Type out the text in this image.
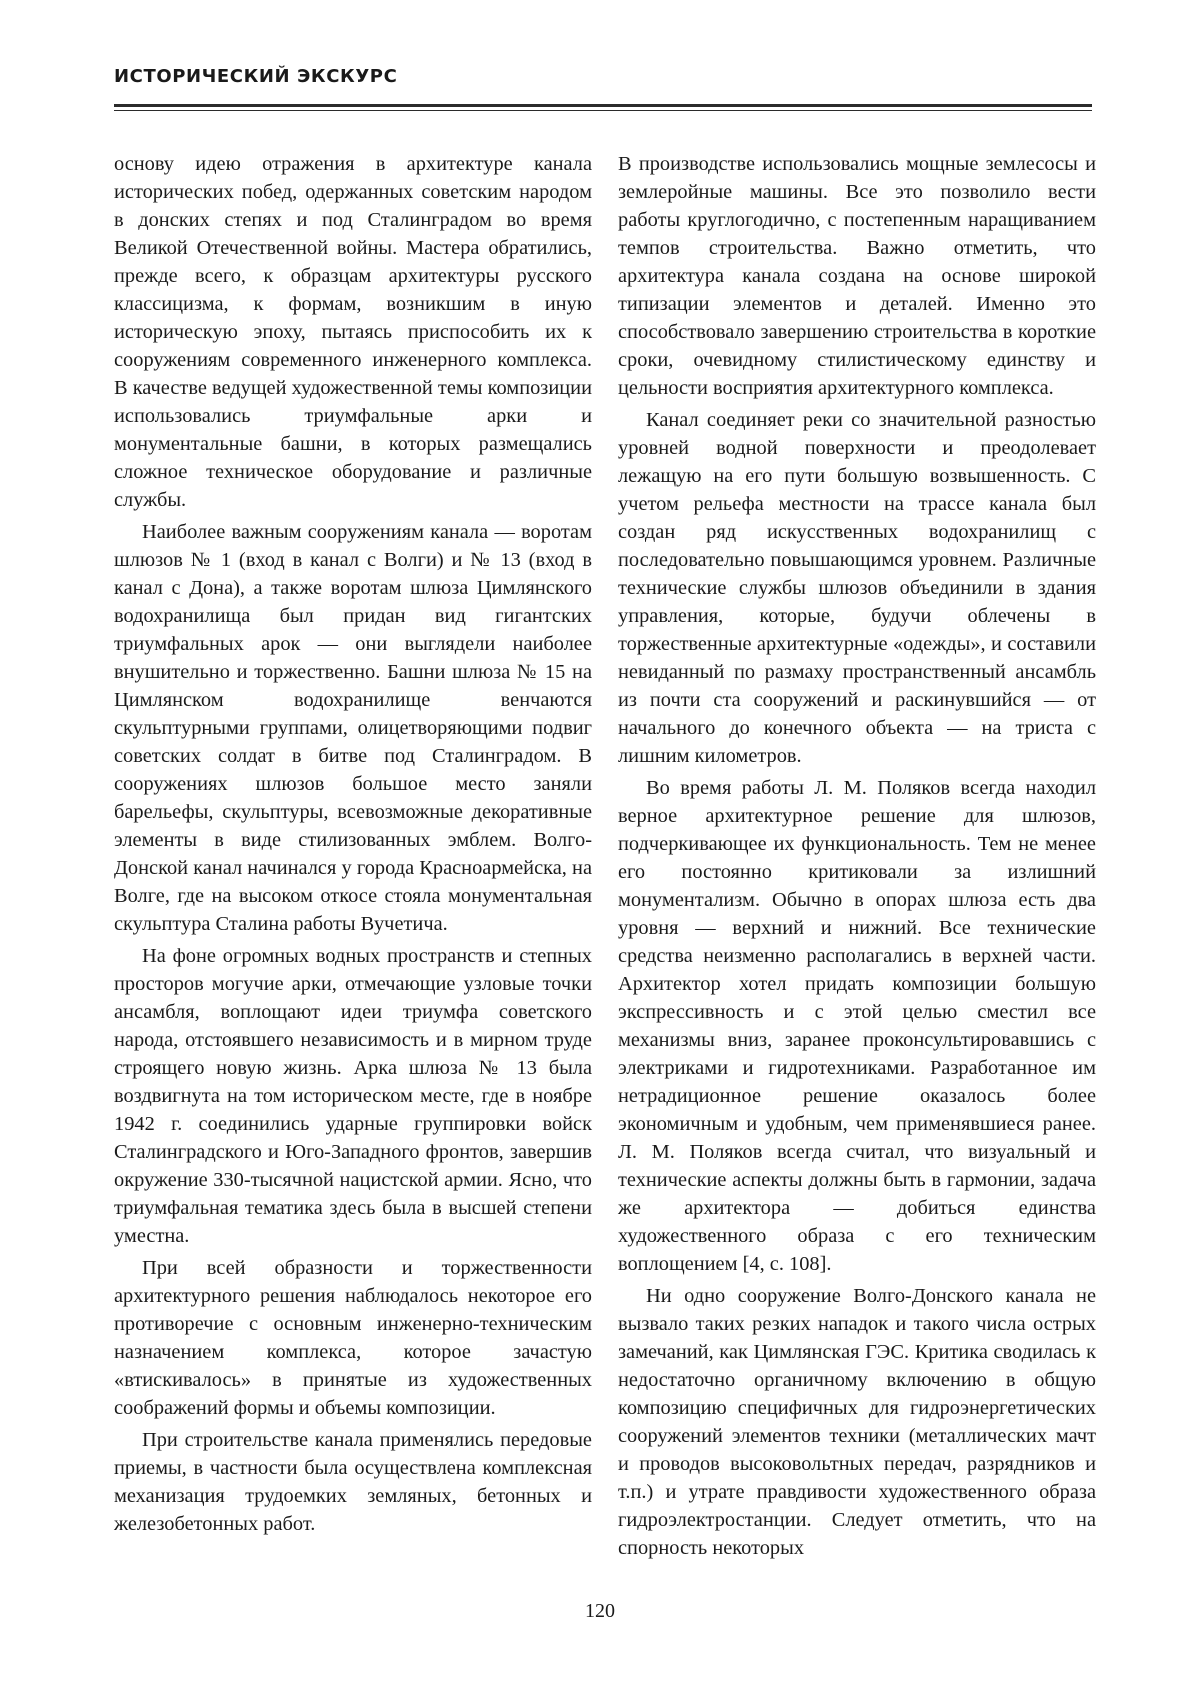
ИСТОРИЧЕСКИЙ ЭКСКУРС

основу идею отражения в архитектуре канала исторических побед, одержанных советским народом в донских степях и под Сталинградом во время Великой Отечественной войны. Мастера обратились, прежде всего, к образцам архитектуры русского классицизма, к формам, возникшим в иную историческую эпоху, пытаясь приспособить их к сооружениям современного инженерного комплекса. В качестве ведущей художественной темы композиции использовались триумфальные арки и монументальные башни, в которых размещались сложное техническое оборудование и различные службы.

Наиболее важным сооружениям канала — воротам шлюзов № 1 (вход в канал с Волги) и № 13 (вход в канал с Дона), а также воротам шлюза Цимлянского водохранилища был придан вид гигантских триумфальных арок — они выглядели наиболее внушительно и торжественно. Башни шлюза № 15 на Цимлянском водохранилище венчаются скульптурными группами, олицетворяющими подвиг советских солдат в битве под Сталинградом. В сооружениях шлюзов большое место заняли барельефы, скульптуры, всевозможные декоративные элементы в виде стилизованных эмблем. Волго-Донской канал начинался у города Красноармейска, на Волге, где на высоком откосе стояла монументальная скульптура Сталина работы Вучетича.

На фоне огромных водных пространств и степных просторов могучие арки, отмечающие узловые точки ансамбля, воплощают идеи триумфа советского народа, отстоявшего независимость и в мирном труде строящего новую жизнь. Арка шлюза № 13 была воздвигнута на том историческом месте, где в ноябре 1942 г. соединились ударные группировки войск Сталинградского и Юго-Западного фронтов, завершив окружение 330-тысячной нацистской армии. Ясно, что триумфальная тематика здесь была в высшей степени уместна.

При всей образности и торжественности архитектурного решения наблюдалось некоторое его противоречие с основным инженерно-техническим назначением комплекса, которое зачастую «втискивалось» в принятые из художественных соображений формы и объемы композиции.

При строительстве канала применялись передовые приемы, в частности была осуществлена комплексная механизация трудоемких земляных, бетонных и железобетонных работ.

В производстве использовались мощные землесосы и землеройные машины. Все это позволило вести работы круглогодично, с постепенным наращиванием темпов строительства. Важно отметить, что архитектура канала создана на основе широкой типизации элементов и деталей. Именно это способствовало завершению строительства в короткие сроки, очевидному стилистическому единству и цельности восприятия архитектурного комплекса.

Канал соединяет реки со значительной разностью уровней водной поверхности и преодолевает лежащую на его пути большую возвышенность. С учетом рельефа местности на трассе канала был создан ряд искусственных водохранилищ с последовательно повышающимся уровнем. Различные технические службы шлюзов объединили в здания управления, которые, будучи облечены в торжественные архитектурные «одежды», и составили невиданный по размаху пространственный ансамбль из почти ста сооружений и раскинувшийся — от начального до конечного объекта — на триста с лишним километров.

Во время работы Л. М. Поляков всегда находил верное архитектурное решение для шлюзов, подчеркивающее их функциональность. Тем не менее его постоянно критиковали за излишний монументализм. Обычно в опорах шлюза есть два уровня — верхний и нижний. Все технические средства неизменно располагались в верхней части. Архитектор хотел придать композиции большую экспрессивность и с этой целью сместил все механизмы вниз, заранее проконсультировавшись с электриками и гидротехниками. Разработанное им нетрадиционное решение оказалось более экономичным и удобным, чем применявшиеся ранее. Л. М. Поляков всегда считал, что визуальный и технические аспекты должны быть в гармонии, задача же архитектора — добиться единства художественного образа с его техническим воплощением [4, с. 108].

Ни одно сооружение Волго-Донского канала не вызвало таких резких нападок и такого числа острых замечаний, как Цимлянская ГЭС. Критика сводилась к недостаточно органичному включению в общую композицию специфичных для гидроэнергетических сооружений элементов техники (металлических мачт и проводов высоковольтных передач, разрядников и т.п.) и утрате правдивости художественного образа гидроэлектростанции. Следует отметить, что на спорность некоторых

120
